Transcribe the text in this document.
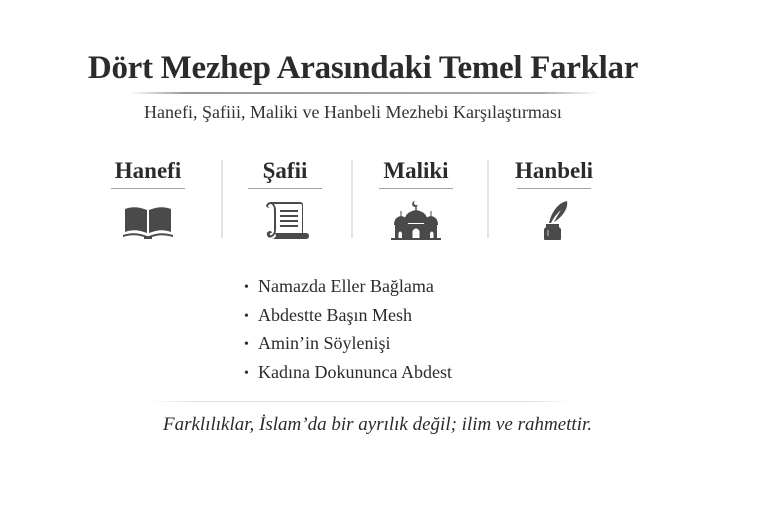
Dört Mezhep Arasındaki Temel Farklar
Hanefi, Şafiii, Maliki ve Hanbeli Mezhebi Karşılaştırması
Hanefi	Şafii	Maliki	Hanbeli
• Namazda Eller Bağlama
• Abdestte Başın Mesh
• Amin’in Söylenişi
• Kadına Dokununca Abdest
Farklılıklar, İslam’da bir ayrılık değil; ilim ve rahmettir.
